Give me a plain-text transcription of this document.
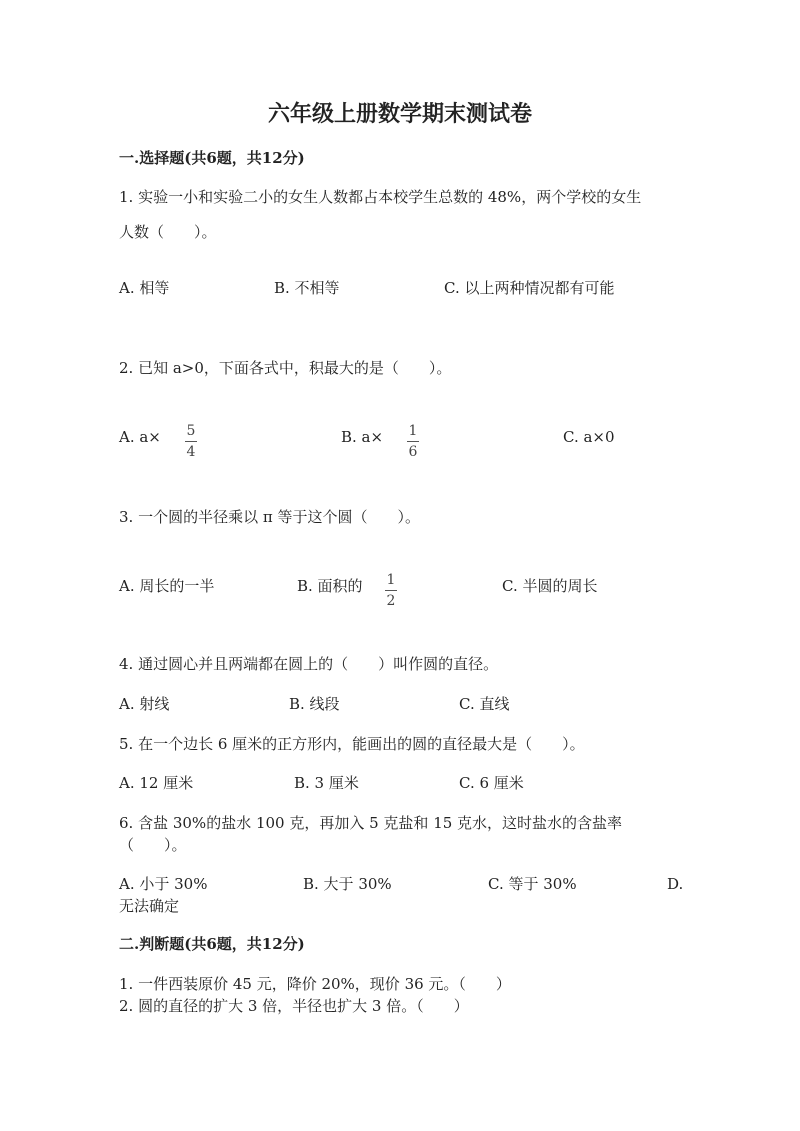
六年级上册数学期末测试卷
一.选择题(共6题，共12分)
1. 实验一小和实验二小的女生人数都占本校学生总数的 48%，两个学校的女生
人数（　　）。
A. 相等	B. 不相等	C. 以上两种情况都有可能
2. 已知 a>0，下面各式中，积最大的是（　　）。
A. a× 5
4
B. a× 1
6
C. a×0
3. 一个圆的半径乘以 π 等于这个圆（　　）。
A. 周长的一半	B. 面积的 1
2
C. 半圆的周长
4. 通过圆心并且两端都在圆上的（　　）叫作圆的直径。
A. 射线	B. 线段	C. 直线
5. 在一个边长 6 厘米的正方形内，能画出的圆的直径最大是（　　）。
A. 12 厘米	B. 3 厘米	C. 6 厘米
6. 含盐 30%的盐水 100 克，再加入 5 克盐和 15 克水，这时盐水的含盐率
（　　）。
A. 小于 30%	B. 大于 30%	C. 等于 30%	D.
无法确定
二.判断题(共6题，共12分)
1. 一件西装原价 45 元，降价 20%，现价 36 元。（　　）
2. 圆的直径的扩大 3 倍，半径也扩大 3 倍。（　　）
